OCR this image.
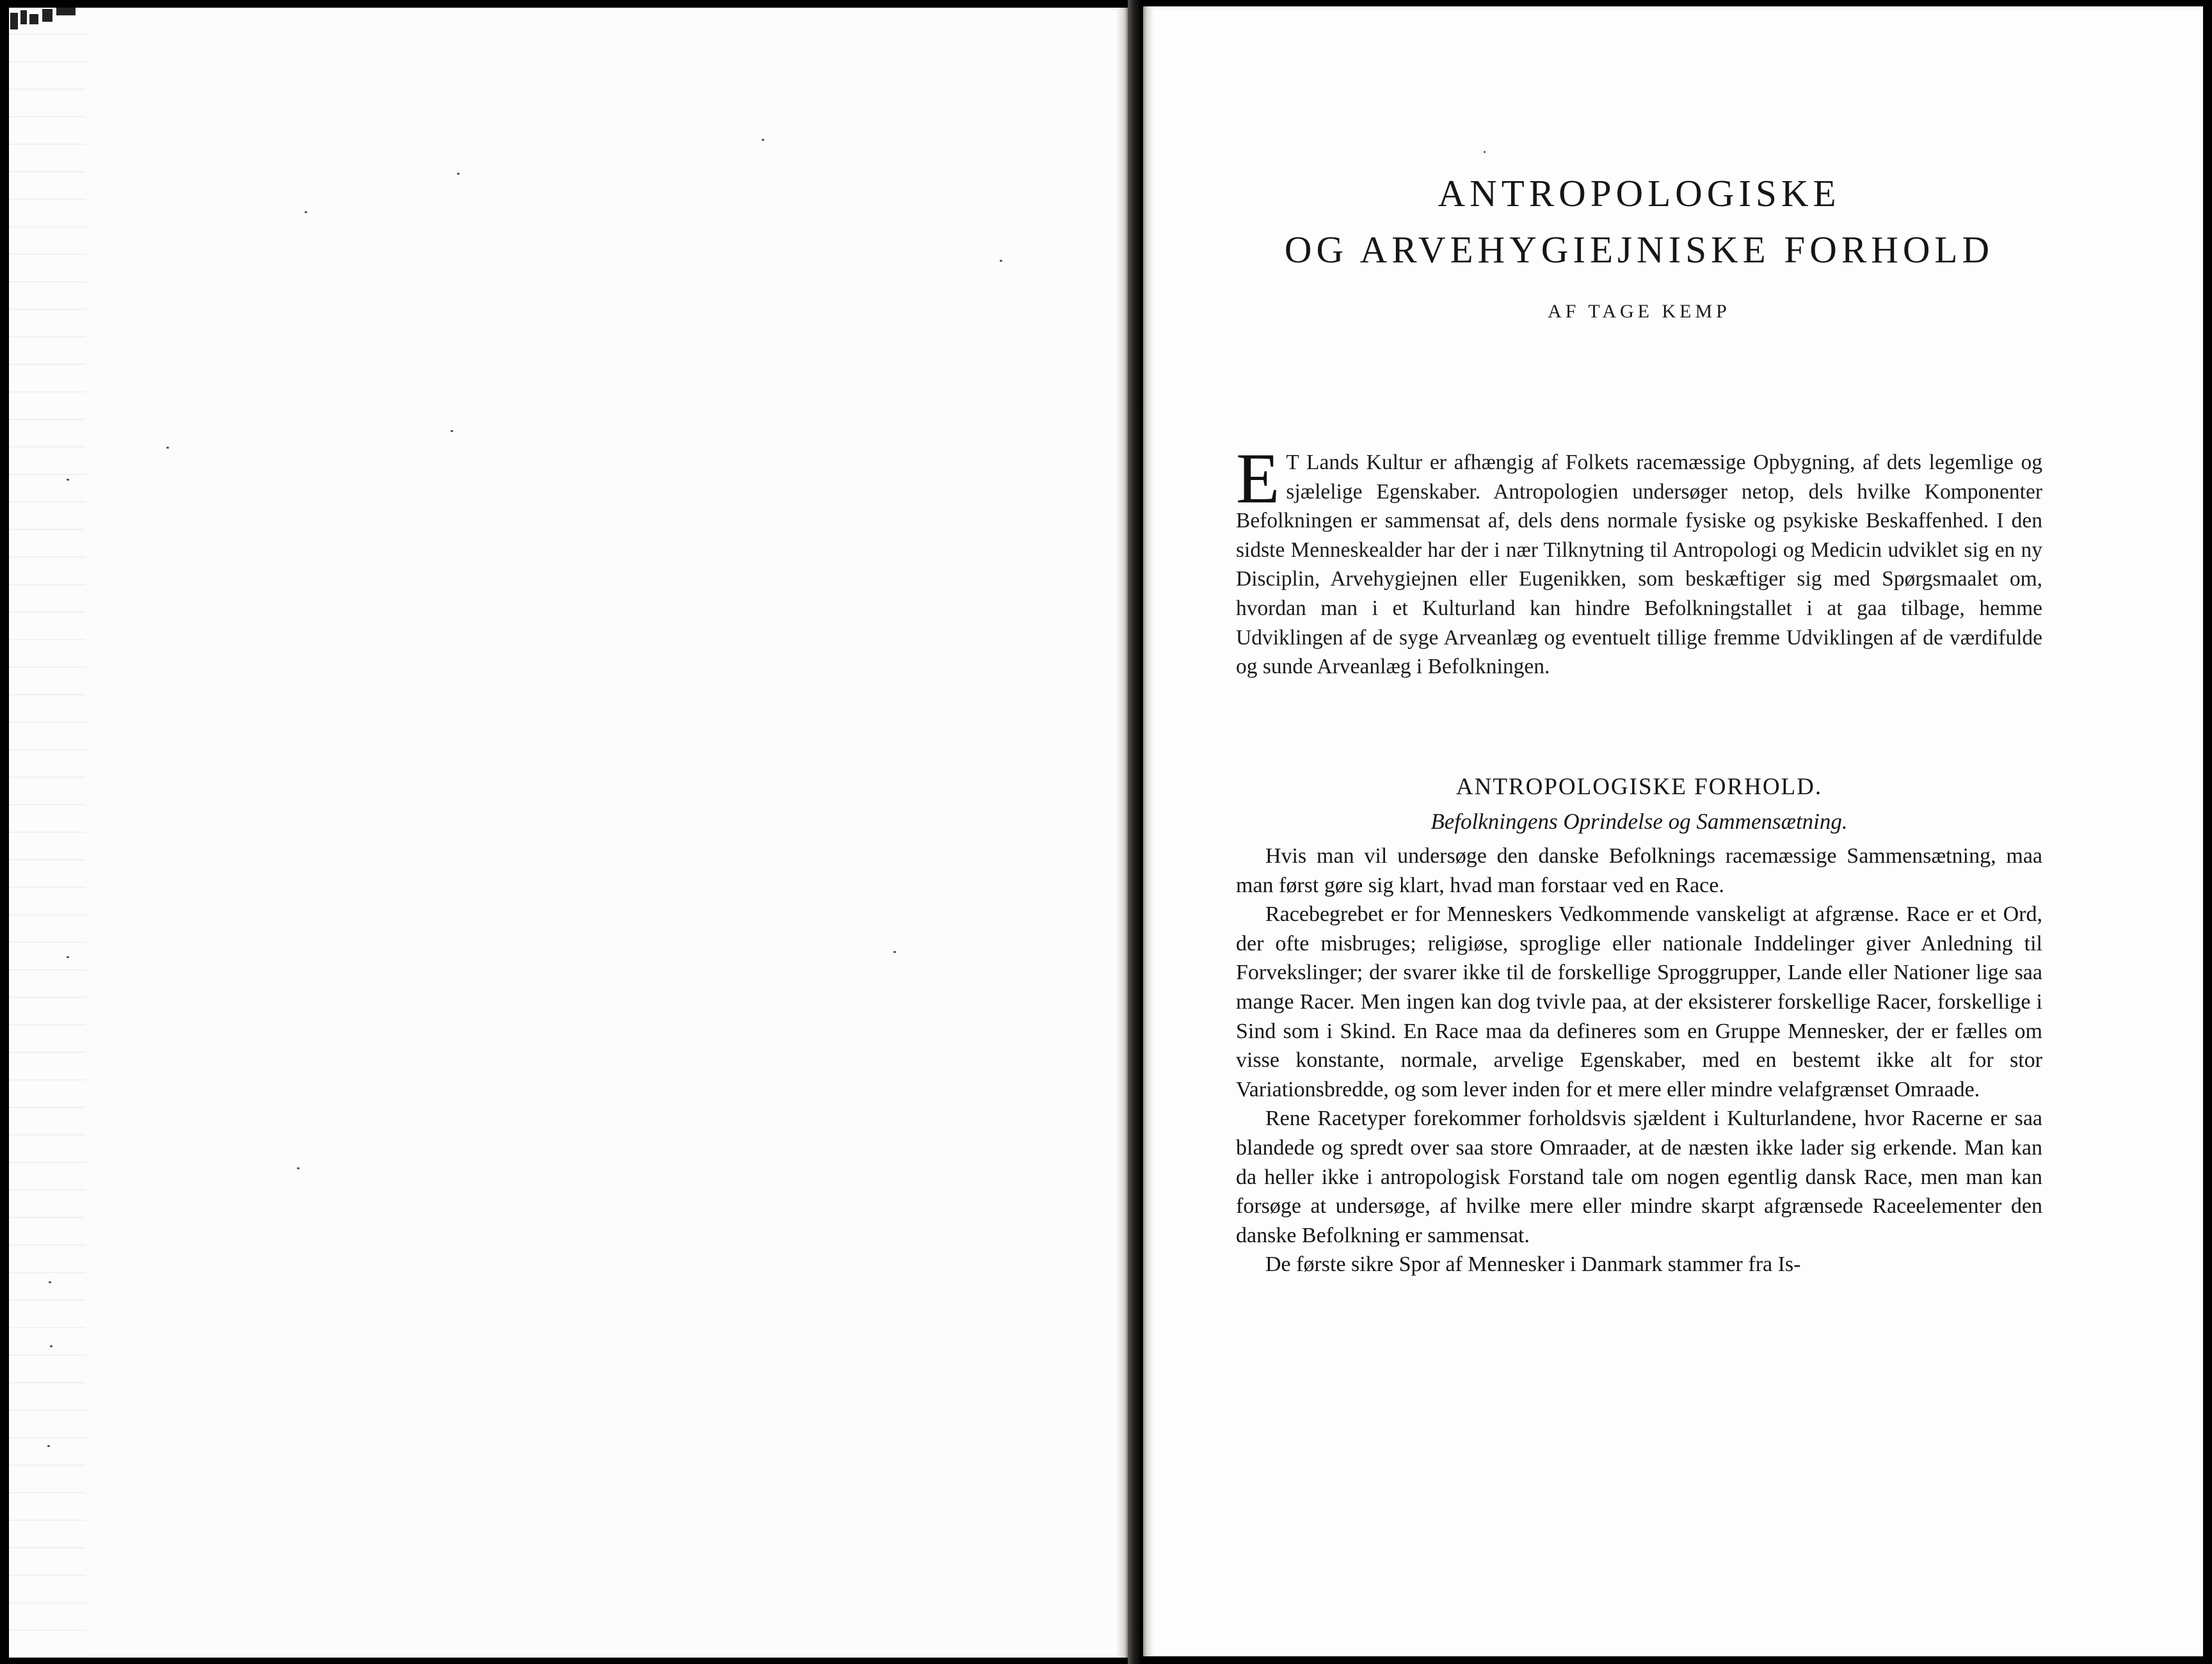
ANTROPOLOGISKE
OG ARVEHYGIEJNISKE FORHOLD

AF TAGE KEMP

E T Lands Kultur er afhængig af Folkets racemæssige Opbygning, af dets legemlige og sjælelige Egenskaber. Antropologien undersøger netop, dels hvilke Komponenter Befolkningen er sammensat af, dels dens normale fysiske og psykiske Beskaffenhed. I den sidste Menneskealder har der i nær Tilknytning til Antropologi og Medicin udviklet sig en ny Disciplin, Arvehygiejnen eller Eugenikken, som beskæftiger sig med Spørgsmaalet om, hvordan man i et Kulturland kan hindre Befolkningstallet i at gaa tilbage, hemme Udviklingen af de syge Arveanlæg og eventuelt tillige fremme Udviklingen af de værdifulde og sunde Arveanlæg i Befolkningen.

ANTROPOLOGISKE FORHOLD.
Befolkningens Oprindelse og Sammensætning.

Hvis man vil undersøge den danske Befolknings racemæssige Sammensætning, maa man først gøre sig klart, hvad man forstaar ved en Race.

Racebegrebet er for Menneskers Vedkommende vanskeligt at afgrænse. Race er et Ord, der ofte misbruges; religiøse, sproglige eller nationale Inddelinger giver Anledning til Forvekslinger; der svarer ikke til de forskellige Sproggrupper, Lande eller Nationer lige saa mange Racer. Men ingen kan dog tvivle paa, at der eksisterer forskellige Racer, forskellige i Sind som i Skind. En Race maa da defineres som en Gruppe Mennesker, der er fælles om visse konstante, normale, arvelige Egenskaber, med en bestemt ikke alt for stor Variationsbredde, og som lever inden for et mere eller mindre velafgrænset Omraade.

Rene Racetyper forekommer forholdsvis sjældent i Kulturlandene, hvor Racerne er saa blandede og spredt over saa store Omraader, at de næsten ikke lader sig erkende. Man kan da heller ikke i antropologisk Forstand tale om nogen egentlig dansk Race, men man kan forsøge at undersøge, af hvilke mere eller mindre skarpt afgrænsede Raceelementer den danske Befolkning er sammensat.

De første sikre Spor af Mennesker i Danmark stammer fra Is-
